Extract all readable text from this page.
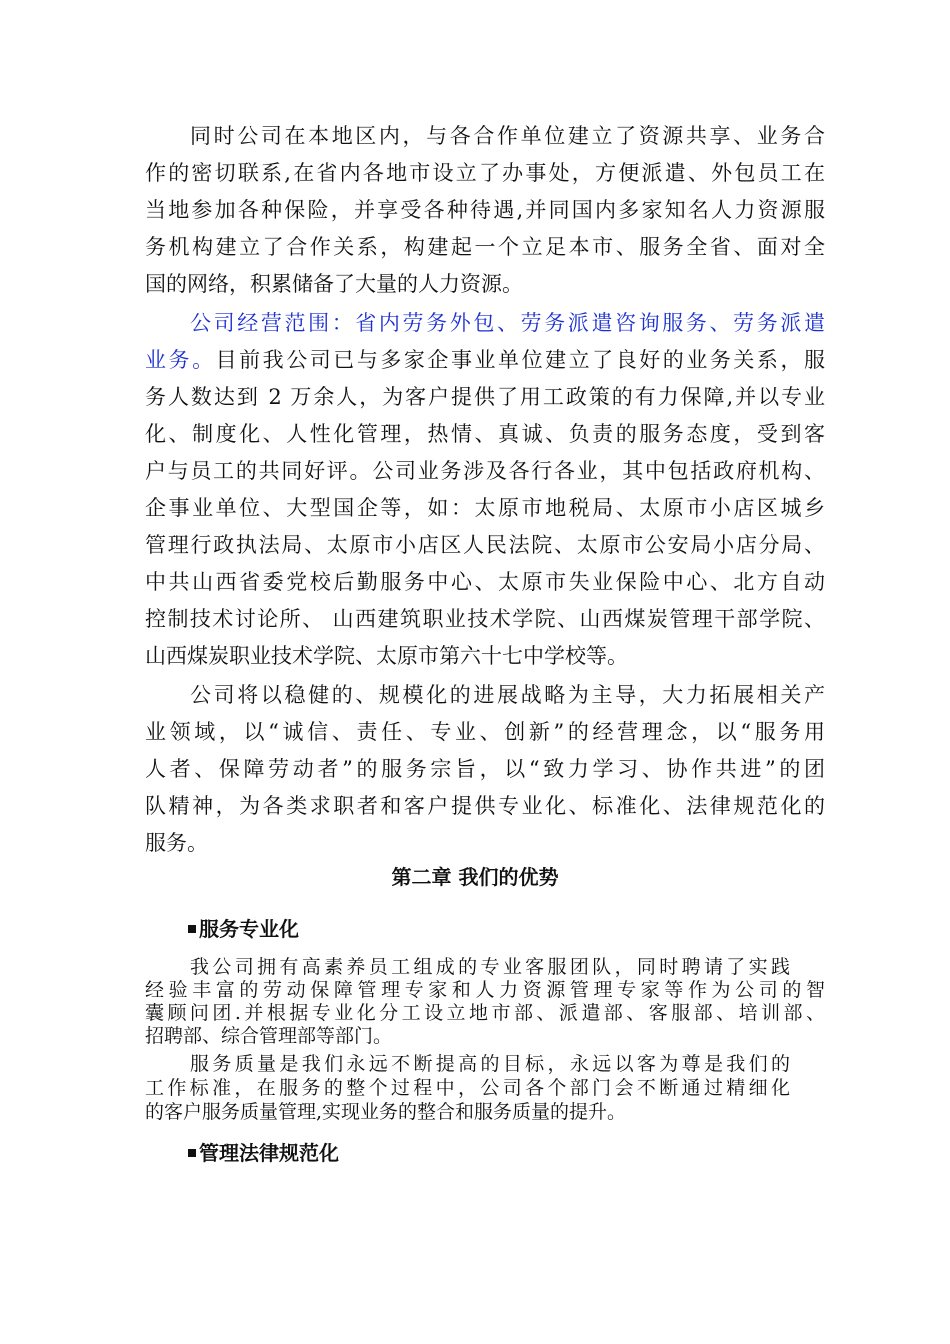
同时公司在本地区内，与各合作单位建立了资源共享、业务合
作的密切联系,在省内各地市设立了办事处，方便派遣、外包员工在
当地参加各种保险，并享受各种待遇,并同国内多家知名人力资源服
务机构建立了合作关系，构建起一个立足本市、服务全省、面对全
国的网络，积累储备了大量的人力资源。
公司经营范围：省内劳务外包、劳务派遣咨询服务、劳务派遣
业务。目前我公司已与多家企事业单位建立了良好的业务关系，服
务人数达到 2 万余人，为客户提供了用工政策的有力保障,并以专业
化、制度化、人性化管理，热情、真诚、负责的服务态度，受到客
户与员工的共同好评。公司业务涉及各行各业，其中包括政府机构、
企事业单位、大型国企等，如：太原市地税局、太原市小店区城乡
管理行政执法局、太原市小店区人民法院、太原市公安局小店分局、
中共山西省委党校后勤服务中心、太原市失业保险中心、北方自动
控制技术讨论所、 山西建筑职业技术学院、山西煤炭管理干部学院、
山西煤炭职业技术学院、太原市第六十七中学校等。
公司将以稳健的、规模化的进展战略为主导，大力拓展相关产
业领域，以“诚信、责任、专业、创新”的经营理念，以“服务用
人者、保障劳动者”的服务宗旨，以“致力学习、协作共进”的团
队精神，为各类求职者和客户提供专业化、标准化、法律规范化的
服务。
第二章 我们的优势
服务专业化
我公司拥有高素养员工组成的专业客服团队，同时聘请了实践
经验丰富的劳动保障管理专家和人力资源管理专家等作为公司的智
囊顾问团.并根据专业化分工设立地市部、派遣部、客服部、培训部、
招聘部、综合管理部等部门。
服务质量是我们永远不断提高的目标，永远以客为尊是我们的
工作标准，在服务的整个过程中，公司各个部门会不断通过精细化
的客户服务质量管理,实现业务的整合和服务质量的提升。
管理法律规范化
